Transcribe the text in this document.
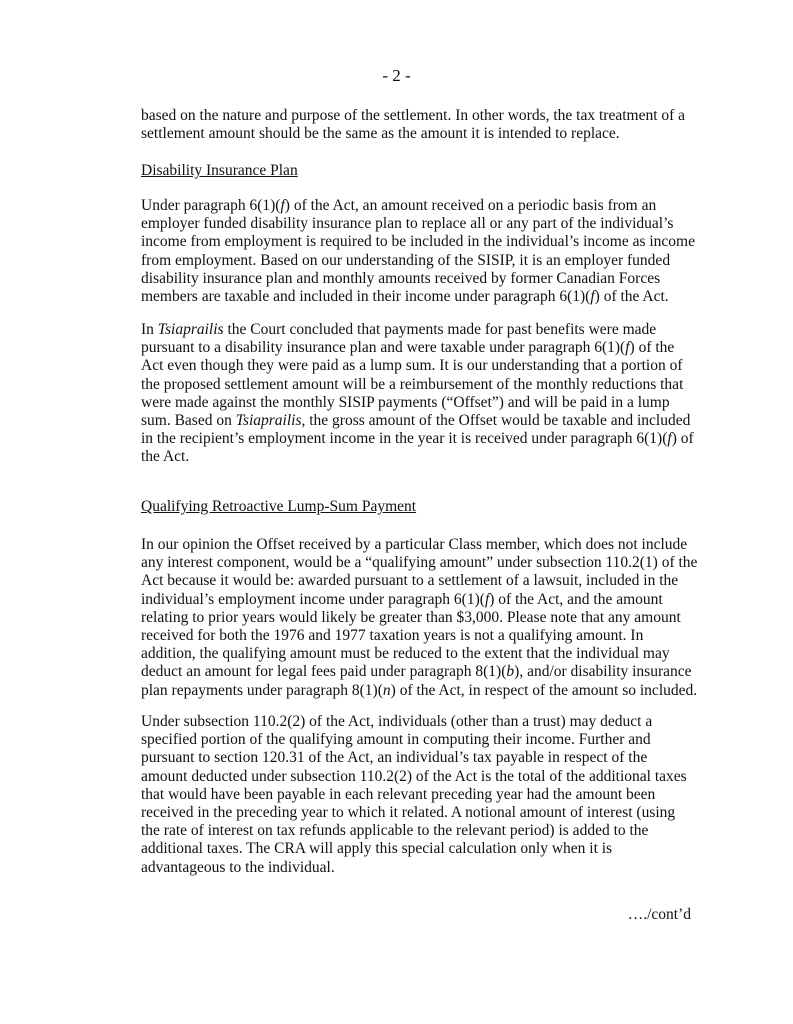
- 2 -

based on the nature and purpose of the settlement. In other words, the tax treatment of a
settlement amount should be the same as the amount it is intended to replace.

Disability Insurance Plan

Under paragraph 6(1)(f) of the Act, an amount received on a periodic basis from an
employer funded disability insurance plan to replace all or any part of the individual’s
income from employment is required to be included in the individual’s income as income
from employment. Based on our understanding of the SISIP, it is an employer funded
disability insurance plan and monthly amounts received by former Canadian Forces
members are taxable and included in their income under paragraph 6(1)(f) of the Act.

In Tsiaprailis the Court concluded that payments made for past benefits were made
pursuant to a disability insurance plan and were taxable under paragraph 6(1)(f) of the
Act even though they were paid as a lump sum. It is our understanding that a portion of
the proposed settlement amount will be a reimbursement of the monthly reductions that
were made against the monthly SISIP payments (“Offset”) and will be paid in a lump
sum. Based on Tsiaprailis, the gross amount of the Offset would be taxable and included
in the recipient’s employment income in the year it is received under paragraph 6(1)(f) of
the Act.

Qualifying Retroactive Lump-Sum Payment

In our opinion the Offset received by a particular Class member, which does not include
any interest component, would be a “qualifying amount” under subsection 110.2(1) of the
Act because it would be: awarded pursuant to a settlement of a lawsuit, included in the
individual’s employment income under paragraph 6(1)(f) of the Act, and the amount
relating to prior years would likely be greater than $3,000. Please note that any amount
received for both the 1976 and 1977 taxation years is not a qualifying amount. In
addition, the qualifying amount must be reduced to the extent that the individual may
deduct an amount for legal fees paid under paragraph 8(1)(b), and/or disability insurance
plan repayments under paragraph 8(1)(n) of the Act, in respect of the amount so included.

Under subsection 110.2(2) of the Act, individuals (other than a trust) may deduct a
specified portion of the qualifying amount in computing their income. Further and
pursuant to section 120.31 of the Act, an individual’s tax payable in respect of the
amount deducted under subsection 110.2(2) of the Act is the total of the additional taxes
that would have been payable in each relevant preceding year had the amount been
received in the preceding year to which it related. A notional amount of interest (using
the rate of interest on tax refunds applicable to the relevant period) is added to the
additional taxes. The CRA will apply this special calculation only when it is
advantageous to the individual.

…./cont’d
